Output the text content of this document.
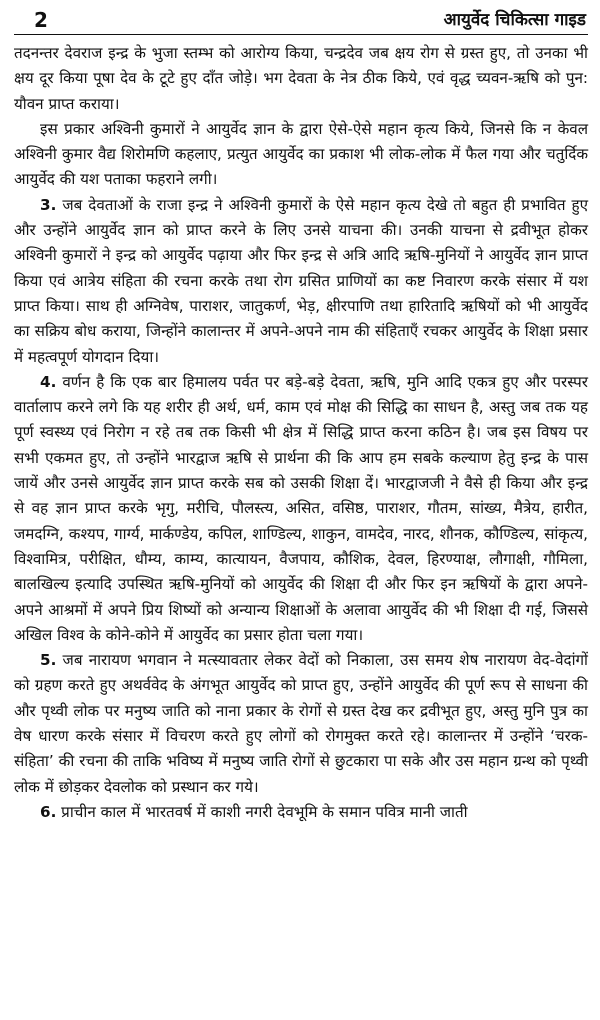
2	आयुर्वेद चिकित्सा गाइड

तदनन्तर देवराज इन्द्र के भुजा स्तम्भ को आरोग्य किया, चन्द्रदेव जब क्षय रोग से ग्रस्त हुए, तो उनका भी क्षय दूर किया पूषा देव के टूटे हुए दाँत जोड़े। भग देवता के नेत्र ठीक किये, एवं वृद्ध च्यवन-ऋषि को पुन: यौवन प्राप्त कराया।

इस प्रकार अश्विनी कुमारों ने आयुर्वेद ज्ञान के द्वारा ऐसे-ऐसे महान कृत्य किये, जिनसे कि न केवल अश्विनी कुमार वैद्य शिरोमणि कहलाए, प्रत्युत आयुर्वेद का प्रकाश भी लोक-लोक में फैल गया और चतुर्दिक आयुर्वेद की यश पताका फहराने लगी।

3. जब देवताओं के राजा इन्द्र ने अश्विनी कुमारों के ऐसे महान कृत्य देखे तो बहुत ही प्रभावित हुए और उन्होंने आयुर्वेद ज्ञान को प्राप्त करने के लिए उनसे याचना की। उनकी याचना से द्रवीभूत होकर अश्विनी कुमारों ने इन्द्र को आयुर्वेद पढ़ाया और फिर इन्द्र से अत्रि आदि ऋषि-मुनियों ने आयुर्वेद ज्ञान प्राप्त किया एवं आत्रेय संहिता की रचना करके तथा रोग ग्रसित प्राणियों का कष्ट निवारण करके संसार में यश प्राप्त किया। साथ ही अग्निवेष, पाराशर, जातुकर्ण, भेड़, क्षीरपाणि तथा हारितादि ऋषियों को भी आयुर्वेद का सक्रिय बोध कराया, जिन्होंने कालान्तर में अपने-अपने नाम की संहिताएँ रचकर आयुर्वेद के शिक्षा प्रसार में महत्वपूर्ण योगदान दिया।

4. वर्णन है कि एक बार हिमालय पर्वत पर बड़े-बड़े देवता, ऋषि, मुनि आदि एकत्र हुए और परस्पर वार्तालाप करने लगे कि यह शरीर ही अर्थ, धर्म, काम एवं मोक्ष की सिद्धि का साधन है, अस्तु जब तक यह पूर्ण स्वस्थ्य एवं निरोग न रहे तब तक किसी भी क्षेत्र में सिद्धि प्राप्त करना कठिन है। जब इस विषय पर सभी एकमत हुए, तो उन्होंने भारद्वाज ऋषि से प्रार्थना की कि आप हम सबके कल्याण हेतु इन्द्र के पास जायें और उनसे आयुर्वेद ज्ञान प्राप्त करके सब को उसकी शिक्षा दें। भारद्वाजजी ने वैसे ही किया और इन्द्र से वह ज्ञान प्राप्त करके भृगु, मरीचि, पौलस्त्य, असित, वसिष्ठ, पाराशर, गौतम, सांख्य, मैत्रेय, हारीत, जमदग्नि, कश्यप, गार्ग्य, मार्कण्डेय, कपिल, शाण्डिल्य, शाकुन, वामदेव, नारद, शौनक, कौण्डिल्य, सांकृत्य, विश्वामित्र, परीक्षित, धौम्य, काम्य, कात्यायन, वैजपाय, कौशिक, देवल, हिरण्याक्ष, लौगाक्षी, गौमिला, बालखिल्य इत्यादि उपस्थित ऋषि-मुनियों को आयुर्वेद की शिक्षा दी और फिर इन ऋषियों के द्वारा अपने-अपने आश्रमों में अपने प्रिय शिष्यों को अन्यान्य शिक्षाओं के अलावा आयुर्वेद की भी शिक्षा दी गई, जिससे अखिल विश्व के कोने-कोने में आयुर्वेद का प्रसार होता चला गया।

5. जब नारायण भगवान ने मत्स्यावतार लेकर वेदों को निकाला, उस समय शेष नारायण वेद-वेदांगों को ग्रहण करते हुए अथर्ववेद के अंगभूत आयुर्वेद को प्राप्त हुए, उन्होंने आयुर्वेद की पूर्ण रूप से साधना की और पृथ्वी लोक पर मनुष्य जाति को नाना प्रकार के रोगों से ग्रस्त देख कर द्रवीभूत हुए, अस्तु मुनि पुत्र का वेष धारण करके संसार में विचरण करते हुए लोगों को रोगमुक्त करते रहे। कालान्तर में उन्होंने ‘चरक-संहिता’ की रचना की ताकि भविष्य में मनुष्य जाति रोगों से छुटकारा पा सके और उस महान ग्रन्थ को पृथ्वी लोक में छोड़कर देवलोक को प्रस्थान कर गये।

6. प्राचीन काल में भारतवर्ष में काशी नगरी देवभूमि के समान पवित्र मानी जाती
